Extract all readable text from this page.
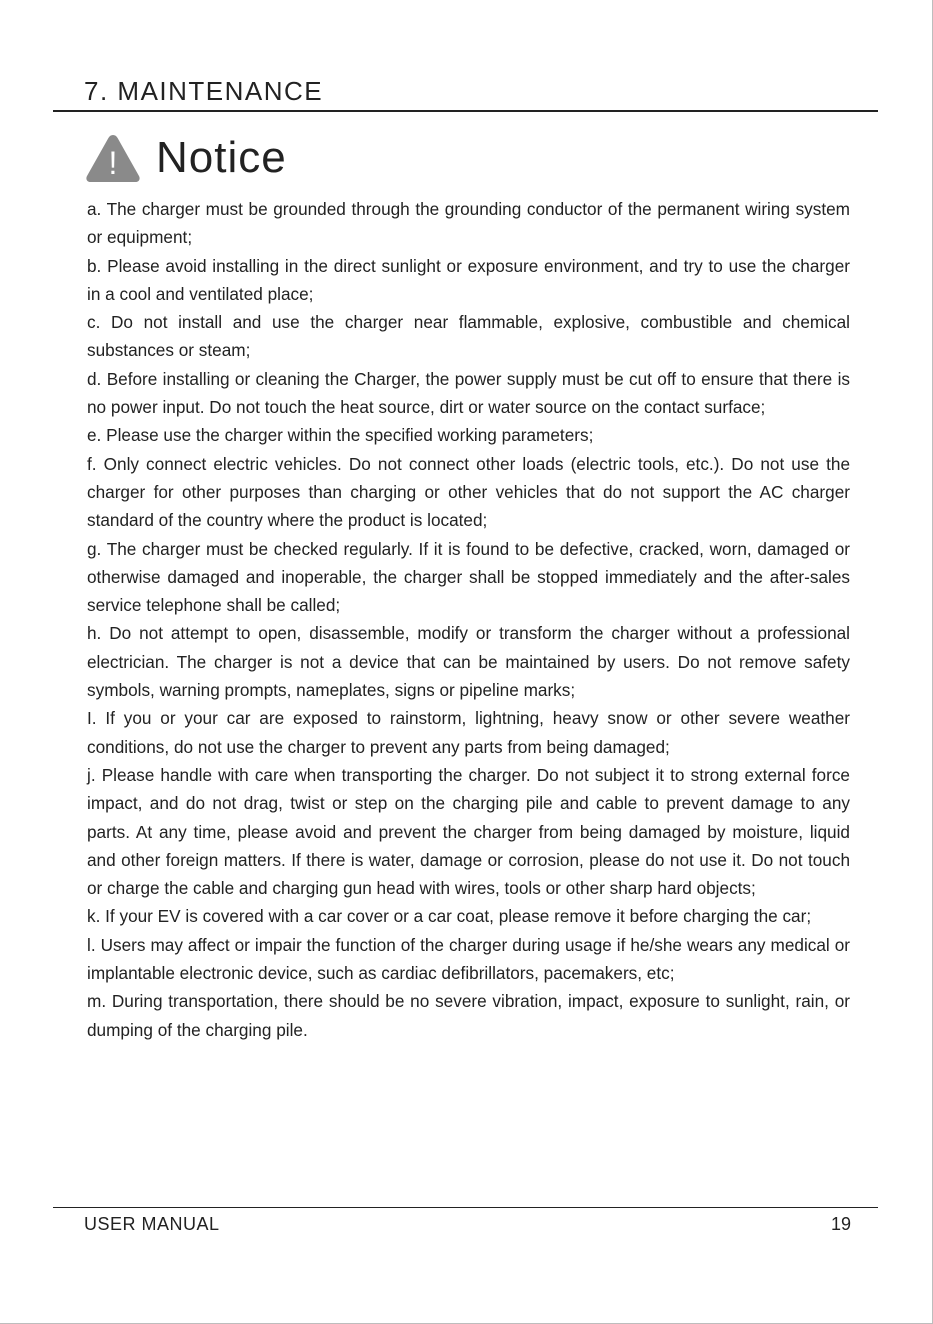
7. MAINTENANCE
! Notice
a. The charger must be grounded through the grounding conductor of the permanent wiring system or equipment;
b. Please avoid installing in the direct sunlight or exposure environment, and try to use the charger in a cool and ventilated place;
c. Do not install and use the charger near flammable, explosive, combustible and chemical substances or steam;
d. Before installing or cleaning the Charger, the power supply must be cut off to ensure that there is no power input. Do not touch the heat source, dirt or water source on the contact surface;
e. Please use the charger within the specified working parameters;
f. Only connect electric vehicles. Do not connect other loads (electric tools, etc.). Do not use the charger for other purposes than charging or other vehicles that do not support the AC charger standard of the country where the product is located;
g. The charger must be checked regularly. If it is found to be defective, cracked, worn, damaged or otherwise damaged and inoperable, the charger shall be stopped immediately and the after-sales service telephone shall be called;
h. Do not attempt to open, disassemble, modify or transform the charger without a professional electrician. The charger is not a device that can be maintained by users. Do not remove safety symbols, warning prompts, nameplates, signs or pipeline marks;
I. If you or your car are exposed to rainstorm, lightning, heavy snow or other severe weather conditions, do not use the charger to prevent any parts from being damaged;
j. Please handle with care when transporting the charger. Do not subject it to strong external force impact, and do not drag, twist or step on the charging pile and cable to prevent damage to any parts. At any time, please avoid and prevent the charger from being damaged by moisture, liquid and other foreign matters. If there is water, damage or corrosion, please do not use it. Do not touch or charge the cable and charging gun head with wires, tools or other sharp hard objects;
k. If your EV is covered with a car cover or a car coat, please remove it before charging the car;
l. Users may affect or impair the function of the charger during usage if he/she wears any medical or implantable electronic device, such as cardiac defibrillators, pacemakers, etc;
m. During transportation, there should be no severe vibration, impact, exposure to sunlight, rain, or dumping of the charging pile.
USER MANUAL	19
